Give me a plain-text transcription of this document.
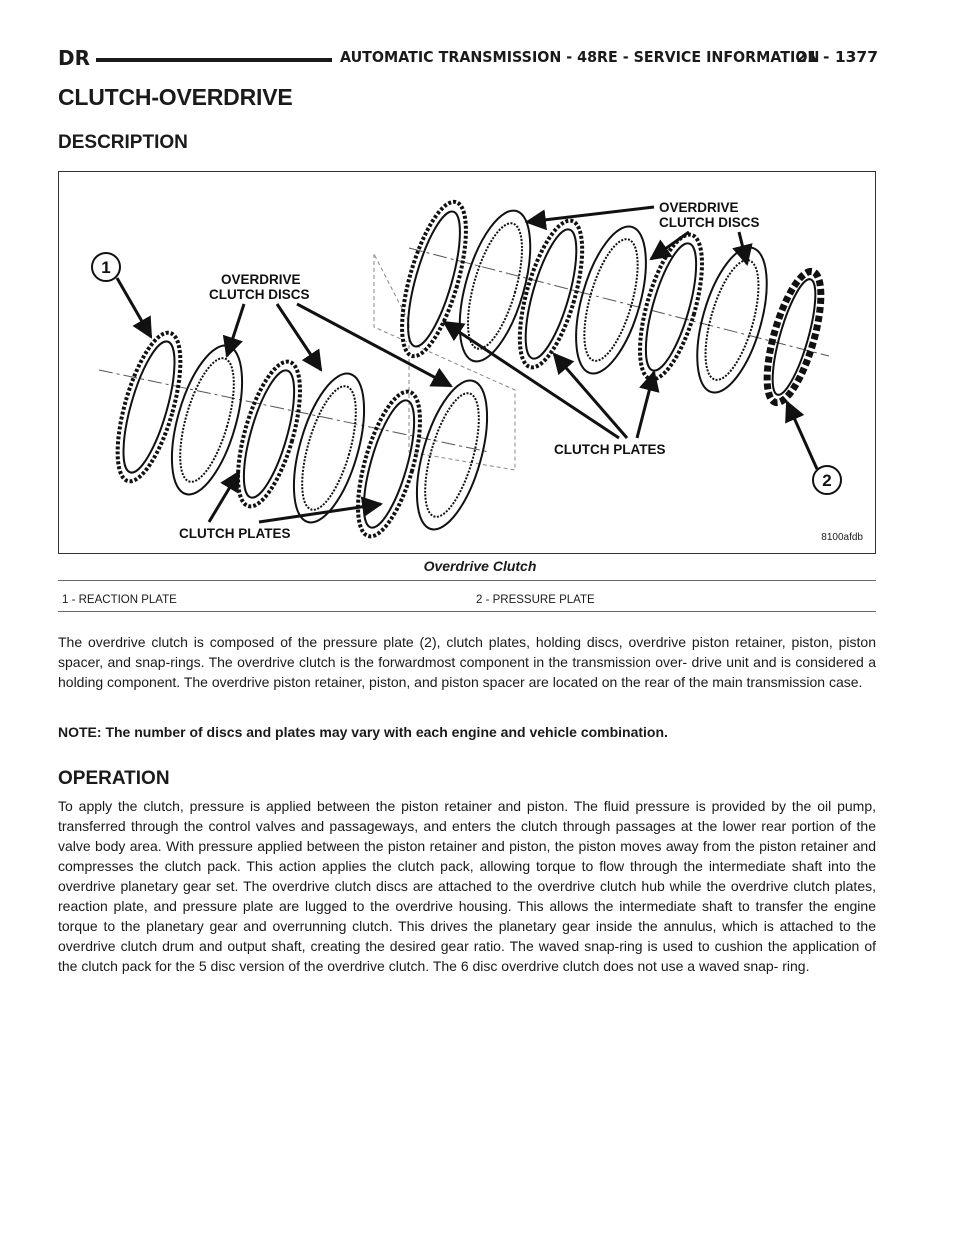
DR	AUTOMATIC TRANSMISSION - 48RE - SERVICE INFORMATION
21 - 1377
CLUTCH-OVERDRIVE
DESCRIPTION
1
2
OVERDRIVE
CLUTCH DISCS
OVERDRIVE
CLUTCH DISCS
CLUTCH PLATES
CLUTCH PLATES	8100afdb
Overdrive Clutch
1 - REACTION PLATE	2 - PRESSURE PLATE

The overdrive clutch is composed of the pressure plate (2), clutch plates, holding discs, overdrive piston retainer, piston, piston spacer, and snap-rings. The overdrive clutch is the forwardmost component in the transmission over- drive unit and is considered a holding component. The overdrive piston retainer, piston, and piston spacer are located on the rear of the main transmission case.

NOTE: The number of discs and plates may vary with each engine and vehicle combination.

OPERATION

To apply the clutch, pressure is applied between the piston retainer and piston. The fluid pressure is provided by the oil pump, transferred through the control valves and passageways, and enters the clutch through passages at the lower rear portion of the valve body area. With pressure applied between the piston retainer and piston, the piston moves away from the piston retainer and compresses the clutch pack. This action applies the clutch pack, allowing torque to flow through the intermediate shaft into the overdrive planetary gear set. The overdrive clutch discs are attached to the overdrive clutch hub while the overdrive clutch plates, reaction plate, and pressure plate are lugged to the overdrive housing. This allows the intermediate shaft to transfer the engine torque to the planetary gear and overrunning clutch. This drives the planetary gear inside the annulus, which is attached to the overdrive clutch drum and output shaft, creating the desired gear ratio. The waved snap-ring is used to cushion the application of the clutch pack for the 5 disc version of the overdrive clutch. The 6 disc overdrive clutch does not use a waved snap- ring.
